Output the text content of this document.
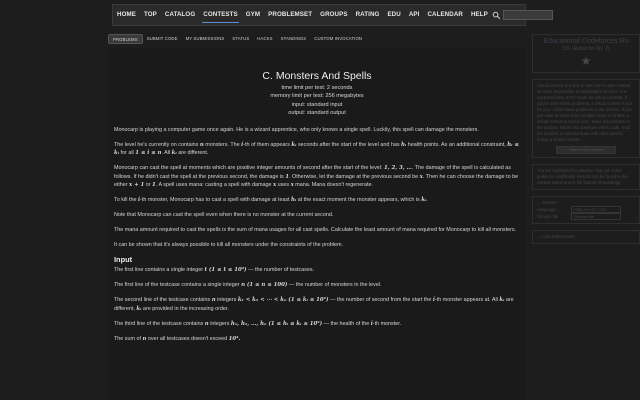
HOME	TOP	CATALOG	CONTESTS	GYM	PROBLEMSET	GROUPS	RATING	EDU	API	CALENDAR	HELP
PROBLEMS	SUBMIT CODE	MY SUBMISSIONS	STATUS	HACKS	STANDINGS	CUSTOM INVOCATION
C. Monsters And Spells
time limit per test: 2 seconds
memory limit per test: 256 megabytes
input: standard input
output: standard output

Monocarp is playing a computer game once again. He is a wizard apprentice, who only knows a single spell. Luckily, this spell can damage the monsters.

The level he's currently on contains n monsters. The i-th of them appears kᵢ seconds after the start of the level and has hᵢ health points. As an additional constraint, hᵢ ≤ kᵢ for all 1 ≤ i ≤ n. All kᵢ are different.

Monocarp can cast the spell at moments which are positive integer amounts of second after the start of the level: 1, 2, 3, …. The damage of the spell is calculated as follows. If he didn't cast the spell at the previous second, the damage is 1. Otherwise, let the damage at the previous second be x. Then he can choose the damage to be either x + 1 or 1. A spell uses mana: casting a spell with damage x uses x mana. Mana doesn't regenerate.

To kill the i-th monster, Monocarp has to cast a spell with damage at least hᵢ at the exact moment the monster appears, which is kᵢ.

Note that Monocarp can cast the spell even when there is no monster at the current second.

The mana amount required to cast the spells is the sum of mana usages for all cast spells. Calculate the least amount of mana required for Monocarp to kill all monsters.

It can be shown that it's always possible to kill all monsters under the constraints of the problem.

Input

The first line contains a single integer t (1 ≤ t ≤ 10⁴) — the number of testcases.

The first line of the testcase contains a single integer n (1 ≤ n ≤ 100) — the number of monsters in the level.

The second line of the testcase contains n integers k₁ < k₂ < ⋯ < kₙ (1 ≤ kᵢ ≤ 10⁹) — the number of second from the start the i-th monster appears at. All kᵢ are different, kᵢ are provided in the increasing order.

The third line of the testcase contains n integers h₁, h₂, …, hₙ (1 ≤ hᵢ ≤ kᵢ ≤ 10⁹) — the health of the i-th monster.

The sum of n over all testcases doesn't exceed 10⁴.

Educational Codeforces Ro
131 (Rated for Div. 2)
★
Virtual contest is a way to take part in past contest, as close as possible to participation on time. It is supported only ICPC mode for virtual contests. If you've seen these problems, a virtual contest is not for you - solve these problems in the archive. If you just want to solve some problem from a contest, a virtual contest is not for you - solve this problem in the archive. Never use someone else's code, read the tutorials or communicate with other person during a virtual contest.
Start virtual contest
You are registered for practice. You can solve problems unofficially. Results can be found in the contest status and in the bottom of standings.
→ Submit?
Language:	GNU G++17 7.3.0
Choose file:	Choose file
→ Last submissions
